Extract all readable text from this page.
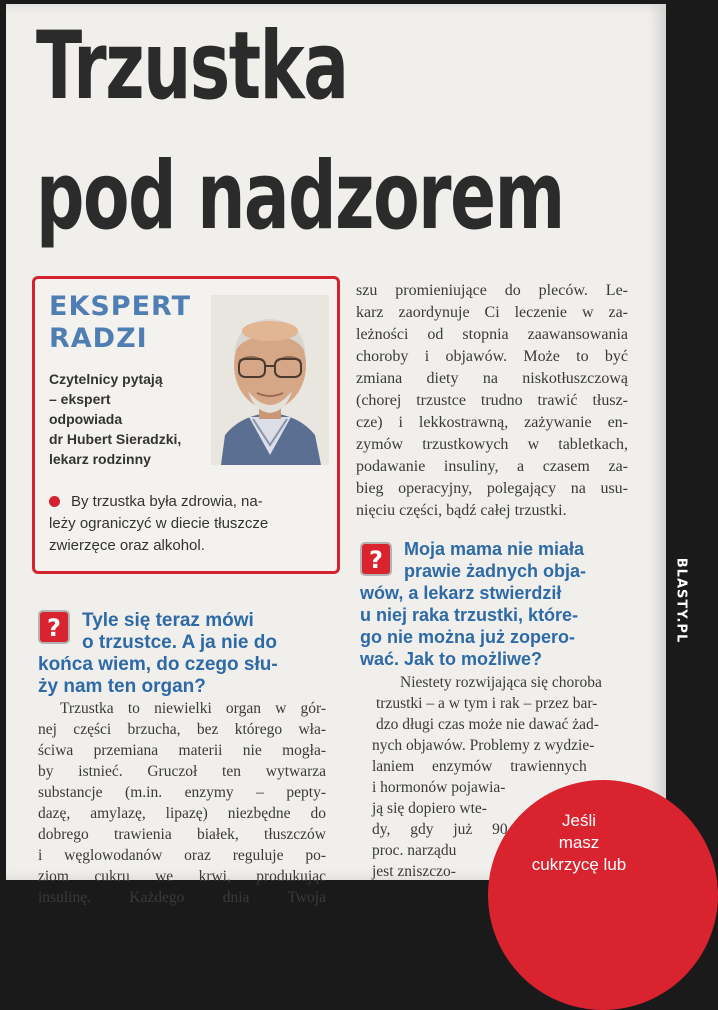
Trzustka
pod nadzorem
EKSPERT
RADZI

Czytelnicy pytają
– ekspert
odpowiada
dr Hubert Sieradzki,
lekarz rodzinny

By trzustka była zdrowia, na-
leży ograniczyć w diecie tłuszcze
zwierzęce oraz alkohol.

?	Tyle się teraz mówi
o trzustce. A ja nie do
końca wiem, do czego słu-
ży nam ten organ?

Trzustka to niewielki organ w gór-
nej części brzucha, bez którego wła-
ściwa przemiana materii nie mogła-
by istnieć. Gruczoł ten wytwarza
substancje (m.in. enzymy – pepty-
dazę, amylazę, lipazę) niezbędne do
dobrego trawienia białek, tłuszczów
i węglowodanów oraz reguluje po-
ziom cukru we krwi, produkując
insulinę. Każdego dnia Twoja

szu promieniujące do pleców. Le-
karz zaordynuje Ci leczenie w za-
leżności od stopnia zaawansowania
choroby i objawów. Może to być
zmiana diety na niskotłuszczową
(chorej trzustce trudno trawić tłusz-
cze) i lekkostrawną, zażywanie en-
zymów trzustkowych w tabletkach,
podawanie insuliny, a czasem za-
bieg operacyjny, polegający na usu-
nięciu części, bądź całej trzustki.

?	Moja mama nie miała
prawie żadnych obja-
wów, a lekarz stwierdził
u niej raka trzustki, które-
go nie można już zopero-
wać. Jak to możliwe?

Niestety rozwijająca się choroba
trzustki – a w tym i rak – przez bar-
dzo długi czas może nie dawać żad-
nych objawów. Problemy z wydzie-
laniem enzymów trawiennych
i hormonów pojawia-
ją się dopiero wte-
dy, gdy już 90
proc. narządu
jest zniszczo-

Jeśli
masz
cukrzycę lub

BLASTY.PL
